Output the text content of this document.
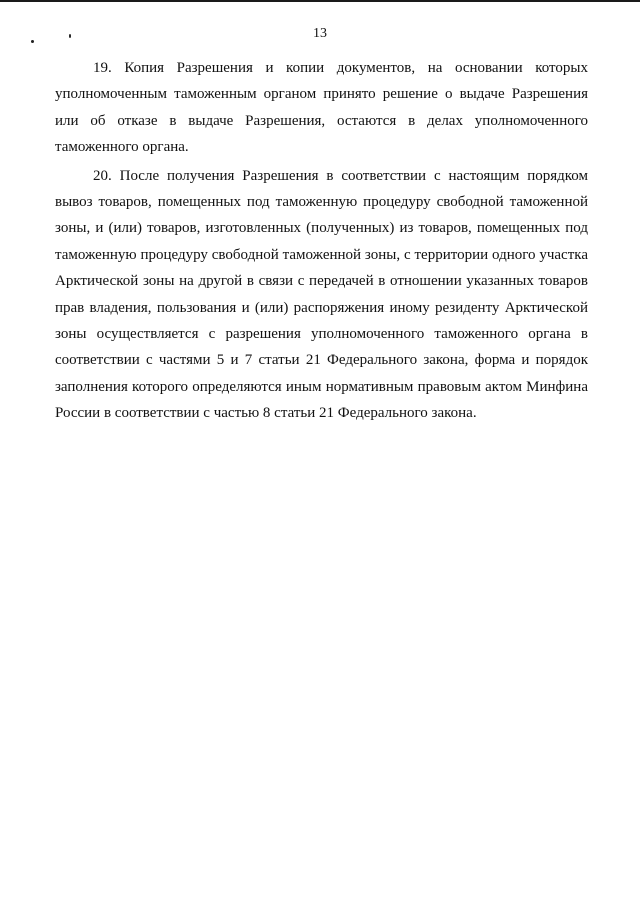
13

19. Копия Разрешения и копии документов, на основании которых уполномоченным таможенным органом принято решение о выдаче Разрешения или об отказе в выдаче Разрешения, остаются в делах уполномоченного таможенного органа.

20. После получения Разрешения в соответствии с настоящим порядком вывоз товаров, помещенных под таможенную процедуру свободной таможенной зоны, и (или) товаров, изготовленных (полученных) из товаров, помещенных под таможенную процедуру свободной таможенной зоны, с территории одного участка Арктической зоны на другой в связи с передачей в отношении указанных товаров прав владения, пользования и (или) распоряжения иному резиденту Арктической зоны осуществляется с разрешения уполномоченного таможенного органа в соответствии с частями 5 и 7 статьи 21 Федерального закона, форма и порядок заполнения которого определяются иным нормативным правовым актом Минфина России в соответствии с частью 8 статьи 21 Федерального закона.
